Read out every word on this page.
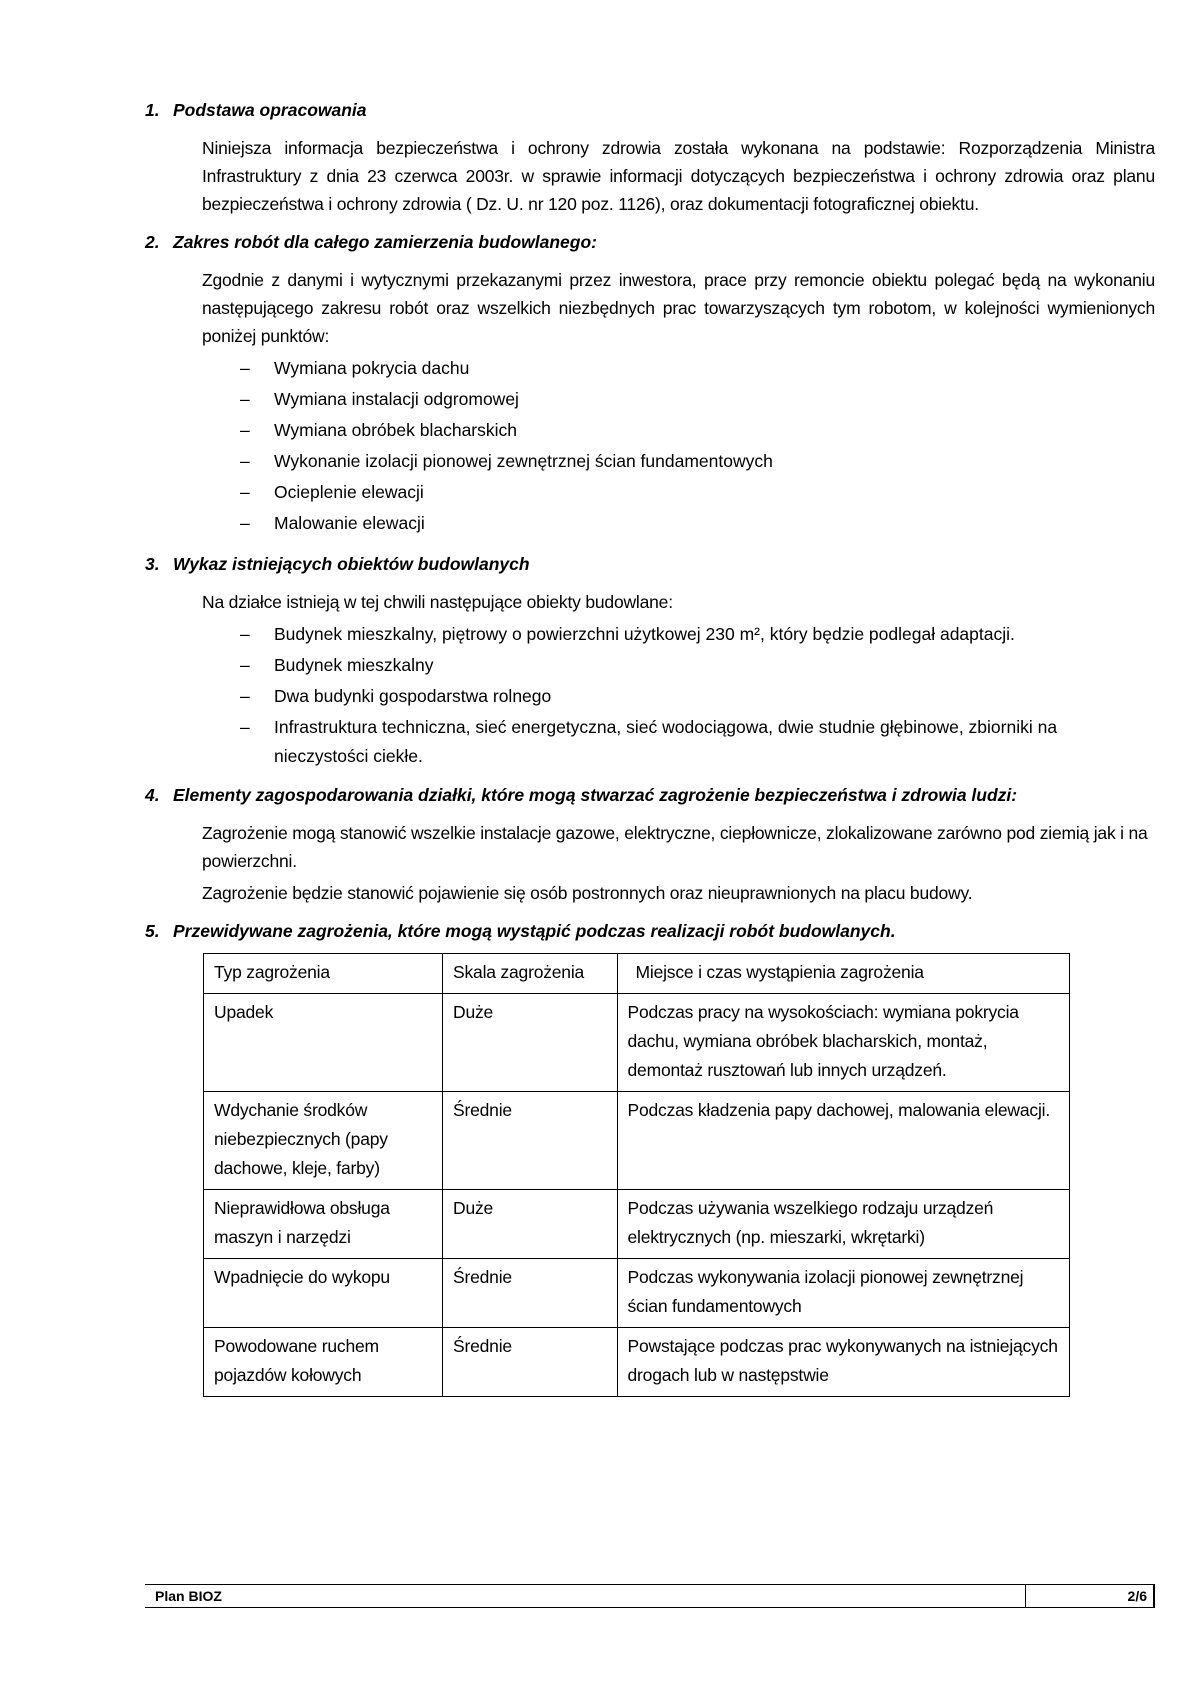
1. Podstawa opracowania

Niniejsza informacja bezpieczeństwa i ochrony zdrowia została wykonana na podstawie: Rozporządzenia Ministra Infrastruktury z dnia 23 czerwca 2003r. w sprawie informacji dotyczących bezpieczeństwa i ochrony zdrowia oraz planu bezpieczeństwa i ochrony zdrowia ( Dz. U. nr 120 poz. 1126), oraz dokumentacji fotograficznej obiektu.

2. Zakres robót dla całego zamierzenia budowlanego:

Zgodnie z danymi i wytycznymi przekazanymi przez inwestora, prace przy remoncie obiektu polegać będą na wykonaniu następującego zakresu robót oraz wszelkich niezbędnych prac towarzyszących tym robotom, w kolejności wymienionych poniżej punktów:

– Wymiana pokrycia dachu
– Wymiana instalacji odgromowej
– Wymiana obróbek blacharskich
– Wykonanie izolacji pionowej zewnętrznej ścian fundamentowych
– Ocieplenie elewacji
– Malowanie elewacji
3. Wykaz istniejących obiektów budowlanych

Na działce istnieją w tej chwili następujące obiekty budowlane:

– Budynek mieszkalny, piętrowy o powierzchni użytkowej 230 m², który będzie podlegał adaptacji.
– Budynek mieszkalny
– Dwa budynki gospodarstwa rolnego
– Infrastruktura techniczna, sieć energetyczna, sieć wodociągowa, dwie studnie głębinowe, zbiorniki na nieczystości ciekłe.
4. Elementy zagospodarowania działki, które mogą stwarzać zagrożenie bezpieczeństwa i zdrowia ludzi:

Zagrożenie mogą stanowić wszelkie instalacje gazowe, elektryczne, ciepłownicze, zlokalizowane zarówno pod ziemią jak i na powierzchni.

Zagrożenie będzie stanowić pojawienie się osób postronnych oraz nieuprawnionych na placu budowy.

5. Przewidywane zagrożenia, które mogą wystąpić podczas realizacji robót budowlanych.
Typ zagrożenia	Skala zagrożenia	Miejsce i czas wystąpienia zagrożenia
Upadek	Duże	Podczas pracy na wysokościach: wymiana pokrycia dachu, wymiana obróbek blacharskich, montaż, demontaż rusztowań lub innych urządzeń.
Wdychanie środków niebezpiecznych (papy dachowe, kleje, farby)	Średnie	Podczas kładzenia papy dachowej, malowania elewacji.
Nieprawidłowa obsługa maszyn i narzędzi	Duże	Podczas używania wszelkiego rodzaju urządzeń elektrycznych (np. mieszarki, wkrętarki)
Wpadnięcie do wykopu	Średnie	Podczas wykonywania izolacji pionowej zewnętrznej ścian fundamentowych
Powodowane ruchem pojazdów kołowych	Średnie	Powstające podczas prac wykonywanych na istniejących drogach lub w następstwie
Plan BIOZ	2/6
